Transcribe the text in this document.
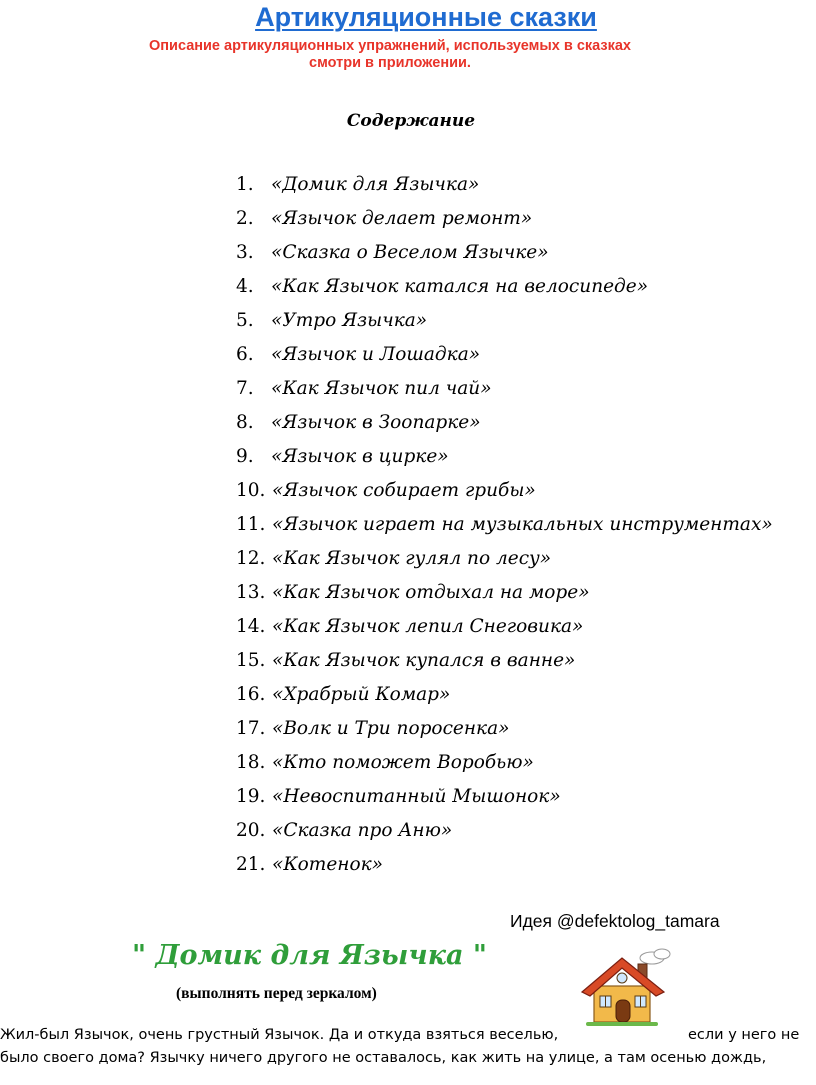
Артикуляционные сказки
Описание артикуляционных упражнений, используемых в сказках смотри в приложении.
Содержание
1. «Домик для Язычка»
2. «Язычок делает ремонт»
3. «Сказка о Веселом Язычке»
4. «Как Язычок катался на велосипеде»
5. «Утро Язычка»
6. «Язычок и Лошадка»
7. «Как Язычок пил чай»
8. «Язычок в Зоопарке»
9. «Язычок в цирке»
10. «Язычок собирает грибы»
11. «Язычок играет на музыкальных инструментах»
12. «Как Язычок гулял по лесу»
13. «Как Язычок отдыхал на море»
14. «Как Язычок лепил Снеговика»
15. «Как Язычок купался в ванне»
16. «Храбрый Комар»
17. «Волк и Три поросенка»
18. «Кто поможет Воробью»
19. «Невоспитанный Мышонок»
20. «Сказка про Аню»
21. «Котенок»
Идея @defektolog_tamara
" Домик для Язычка "
(выполнять перед зеркалом)
Жил-был Язычок, очень грустный Язычок. Да и откуда взяться веселью,	если у него не
было своего дома? Язычку ничего другого не оставалось, как жить на улице, а там осенью дождь,
